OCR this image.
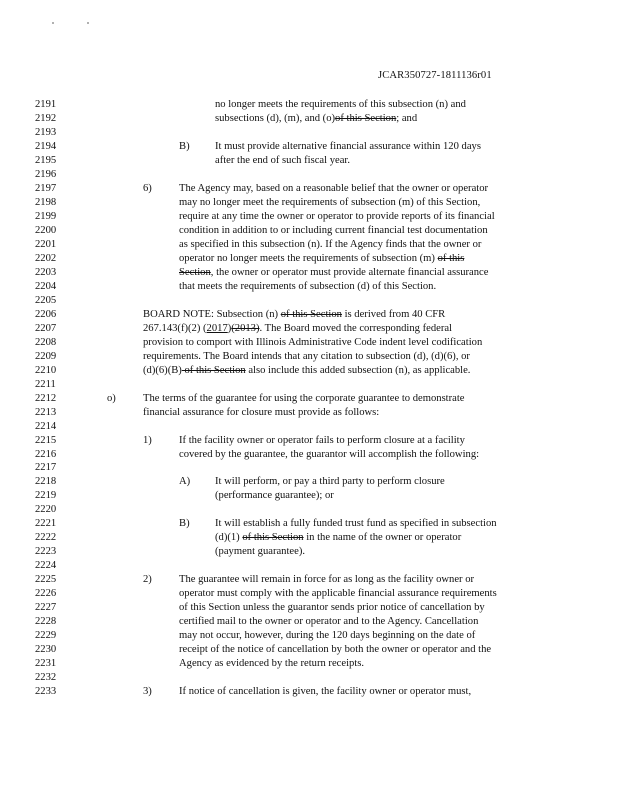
JCAR350727-1811136r01
2191	no longer meets the requirements of this subsection (n) and
2192	subsections (d), (m), and (o)of this Section; and
2193
2194	B) It must provide alternative financial assurance within 120 days
2195	after the end of such fiscal year.
2196
2197	6)	The Agency may, based on a reasonable belief that the owner or operator
2198	may no longer meet the requirements of subsection (m) of this Section,
2199	require at any time the owner or operator to provide reports of its financial
2200	condition in addition to or including current financial test documentation
2201	as specified in this subsection (n). If the Agency finds that the owner or
2202	operator no longer meets the requirements of subsection (m) of this
2203	Section, the owner or operator must provide alternate financial assurance
2204	that meets the requirements of subsection (d) of this Section.
2205
2206	BOARD NOTE: Subsection (n) of this Section is derived from 40 CFR
2207	267.143(f)(2) (2017)(2013). The Board moved the corresponding federal
2208	provision to comport with Illinois Administrative Code indent level codification
2209	requirements. The Board intends that any citation to subsection (d), (d)(6), or
2210	(d)(6)(B) of this Section also include this added subsection (n), as applicable.
2211
2212	o)	The terms of the guarantee for using the corporate guarantee to demonstrate
2213	financial assurance for closure must provide as follows:
2214
2215	1)	If the facility owner or operator fails to perform closure at a facility
2216	covered by the guarantee, the guarantor will accomplish the following:
2217
2218	A) It will perform, or pay a third party to perform closure
2219	(performance guarantee); or
2220
2221	B) It will establish a fully funded trust fund as specified in subsection
2222	(d)(1) of this Section in the name of the owner or operator
2223	(payment guarantee).
2224
2225	2)	The guarantee will remain in force for as long as the facility owner or
2226	operator must comply with the applicable financial assurance requirements
2227	of this Section unless the guarantor sends prior notice of cancellation by
2228	certified mail to the owner or operator and to the Agency. Cancellation
2229	may not occur, however, during the 120 days beginning on the date of
2230	receipt of the notice of cancellation by both the owner or operator and the
2231	Agency as evidenced by the return receipts.
2232
2233	3)	If notice of cancellation is given, the facility owner or operator must,
